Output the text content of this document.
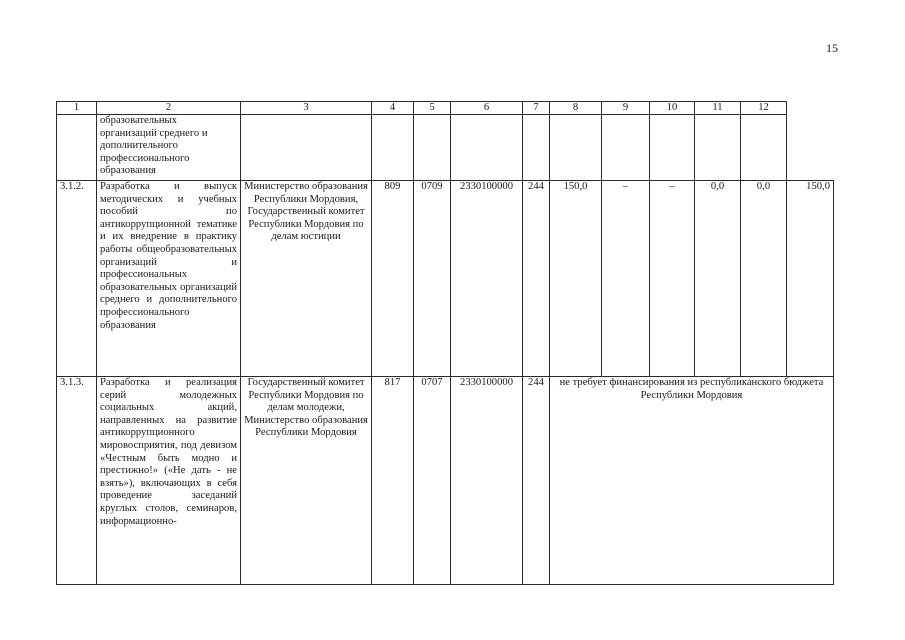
15
1	2	3	4	5	6	7	8	9	10	11	12	
	образовательных
организаций среднего и
дополнительного
профессионального
образования											
3.1.2.	Разработка и выпуск методических и учебных пособий по антикоррупционной тематике и их внедрение в практику работы общеобразовательных организаций и профессиональных образовательных организаций среднего и дополнительного профессионального образования	Министерство образования Республики Мордовия, Государственный комитет Республики Мордовия по делам юстиции	809	0709	2330100000	244	150,0	–	–	0,0	0,0	150,0
3.1.3.	Разработка и реализация серий молодежных социальных акций, направленных на развитие антикоррупционного мировосприятия, под девизом «Честным быть модно и престижно!» («Не дать - не взять»), включающих в себя проведение заседаний круглых столов, семинаров, информационно-	Государственный комитет Республики Мордовия по делам молодежи, Министерство образования Республики Мордовия	817	0707	2330100000	244	не требует финансирования из республиканского бюджета Республики Мордовия					
